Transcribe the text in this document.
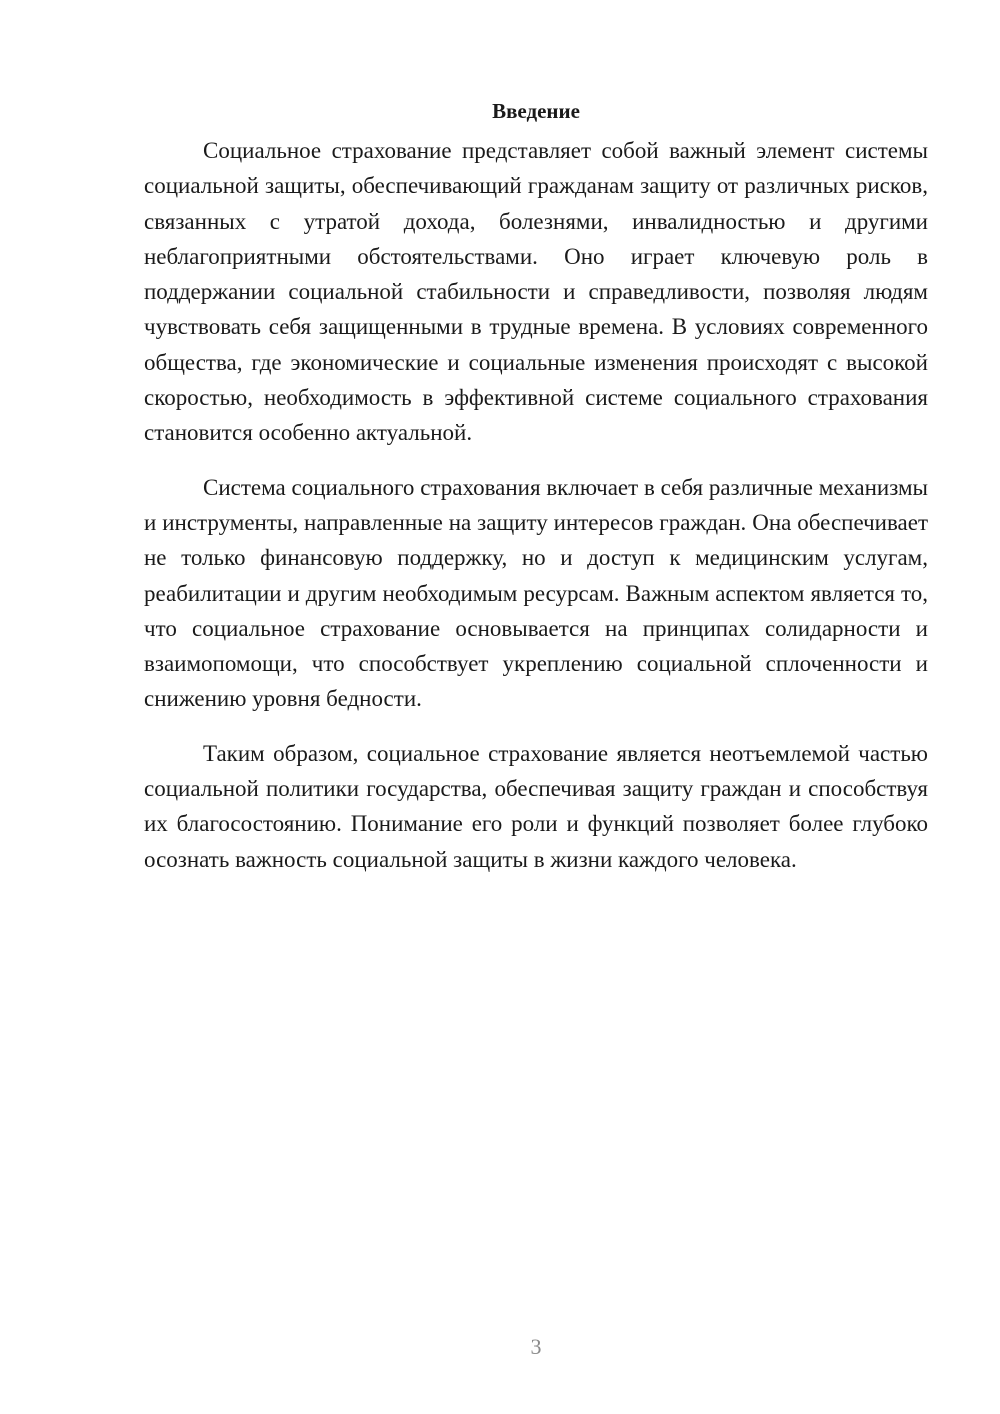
Введение

Социальное страхование представляет собой важный элемент системы социальной защиты, обеспечивающий гражданам защиту от различных рисков, связанных с утратой дохода, болезнями, инвалидностью и другими неблагоприятными обстоятельствами. Оно играет ключевую роль в поддержании социальной стабильности и справедливости, позволяя людям чувствовать себя защищенными в трудные времена. В условиях современного общества, где экономические и социальные изменения происходят с высокой скоростью, необходимость в эффективной системе социального страхования становится особенно актуальной.

Система социального страхования включает в себя различные механизмы и инструменты, направленные на защиту интересов граждан. Она обеспечивает не только финансовую поддержку, но и доступ к медицинским услугам, реабилитации и другим необходимым ресурсам. Важным аспектом является то, что социальное страхование основывается на принципах солидарности и взаимопомощи, что способствует укреплению социальной сплоченности и снижению уровня бедности.

Таким образом, социальное страхование является неотъемлемой частью социальной политики государства, обеспечивая защиту граждан и способствуя их благосостоянию. Понимание его роли и функций позволяет более глубоко осознать важность социальной защиты в жизни каждого человека.

3
